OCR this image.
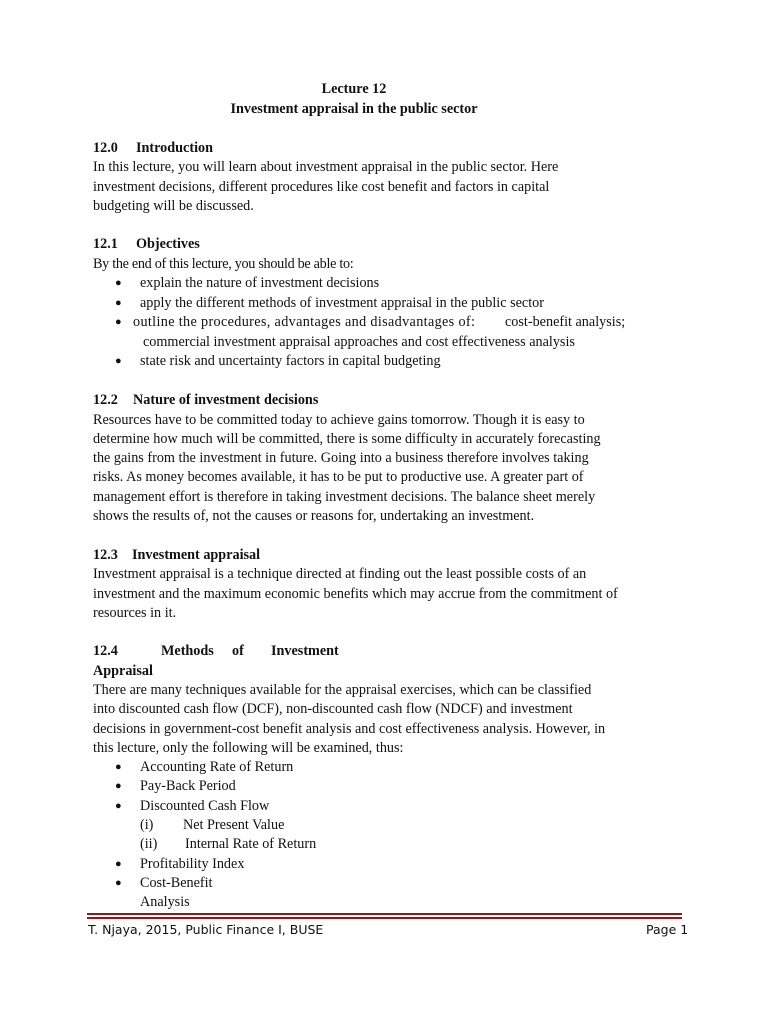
Lecture 12
Investment appraisal in the public sector
12.0 Introduction
In this lecture, you will learn about investment appraisal in the public sector. Here
investment decisions, different procedures like cost benefit and factors in capital
budgeting will be discussed.
12.1 Objectives
By the end of this lecture, you should be able to:
● explain the nature of investment decisions
● apply the different methods of investment appraisal in the public sector
● outline the procedures, advantages and disadvantages of: cost-benefit analysis;
commercial investment appraisal approaches and cost effectiveness analysis
● state risk and uncertainty factors in capital budgeting
12.2 Nature of investment decisions
Resources have to be committed today to achieve gains tomorrow. Though it is easy to
determine how much will be committed, there is some difficulty in accurately forecasting
the gains from the investment in future. Going into a business therefore involves taking
risks. As money becomes available, it has to be put to productive use. A greater part of
management effort is therefore in taking investment decisions. The balance sheet merely
shows the results of, not the causes or reasons for, undertaking an investment.
12.3 Investment appraisal
Investment appraisal is a technique directed at finding out the least possible costs of an
investment and the maximum economic benefits which may accrue from the commitment of
resources in it.
12.4	Methods of Investment
Appraisal
There are many techniques available for the appraisal exercises, which can be classified
into discounted cash flow (DCF), non-discounted cash flow (NDCF) and investment
decisions in government-cost benefit analysis and cost effectiveness analysis. However, in
this lecture, only the following will be examined, thus:
● Accounting Rate of Return
● Pay-Back Period
● Discounted Cash Flow
(i) Net Present Value
(ii) Internal Rate of Return
● Profitability Index
● Cost-Benefit
Analysis
T. Njaya, 2015, Public Finance I, BUSE	Page 1
